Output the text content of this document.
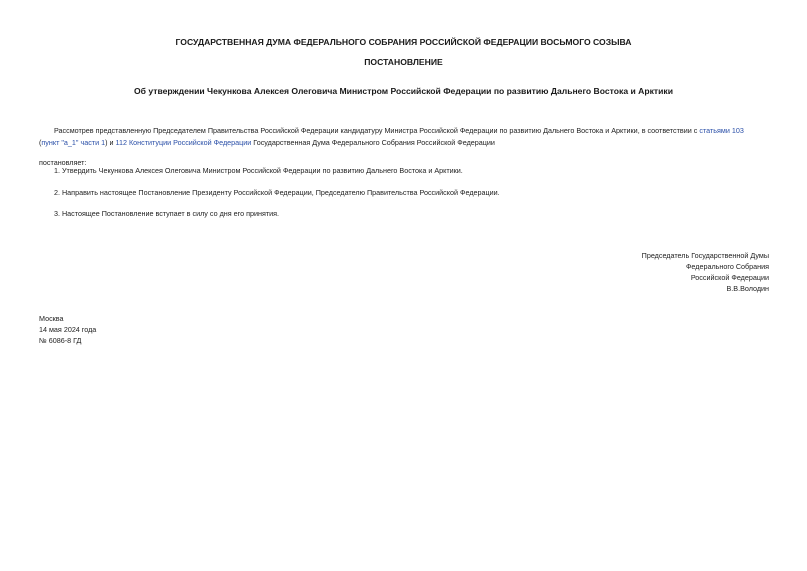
ГОСУДАРСТВЕННАЯ ДУМА ФЕДЕРАЛЬНОГО СОБРАНИЯ РОССИЙСКОЙ ФЕДЕРАЦИИ ВОСЬМОГО СОЗЫВА
ПОСТАНОВЛЕНИЕ
Об утверждении Чекункова Алексея Олеговича Министром Российской Федерации по развитию Дальнего Востока и Арктики
Рассмотрев представленную Председателем Правительства Российской Федерации кандидатуру Министра Российской Федерации по развитию Дальнего Востока и Арктики, в соответствии с статьями 103
(пункт "а_1" части 1) и 112 Конституции Российской Федерации Государственная Дума Федерального Собрания Российской Федерации
постановляет:
1. Утвердить Чекункова Алексея Олеговича Министром Российской Федерации по развитию Дальнего Востока и Арктики.
2. Направить настоящее Постановление Президенту Российской Федерации, Председателю Правительства Российской Федерации.
3. Настоящее Постановление вступает в силу со дня его принятия.
Председатель Государственной Думы
Федерального Собрания
Российской Федерации
В.В.Володин
Москва
14 мая 2024 года
№ 6086-8 ГД
